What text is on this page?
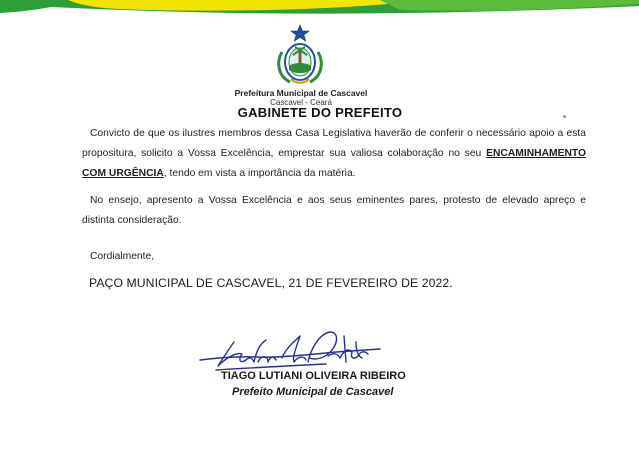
Prefeitura Municipal de Cascavel
Cascavel - Ceará
GABINETE DO PREFEITO

Convicto de que os ilustres membros dessa Casa Legislativa haverão de conferir o necessário apoio a esta propositura, solicito a Vossa Excelência, emprestar sua valiosa colaboração no seu ENCAMINHAMENTO COM URGÊNCIA, tendo em vista a importância da matéria.

No ensejo, apresento a Vossa Excelência e aos seus eminentes pares, protesto de elevado apreço e distinta consideração.

Cordialmente,
PAÇO MUNICIPAL DE CASCAVEL, 21 DE FEVEREIRO DE 2022.
TIAGO LUTIANI OLIVEIRA RIBEIRO
Prefeito Municipal de Cascavel
